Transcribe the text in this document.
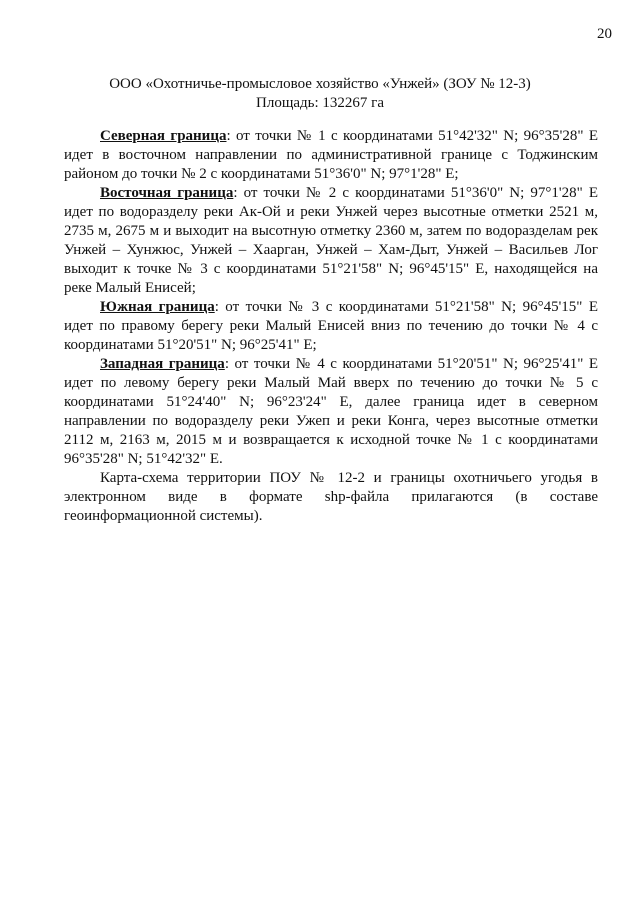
20
ООО «Охотничье-промысловое хозяйство «Унжей» (ЗОУ № 12-3)
Площадь: 132267 га

Северная граница: от точки № 1 с координатами 51°42'32" N; 96°35'28" E идет в восточном направлении по административной границе с Тоджинским районом до точки № 2 с координатами 51°36'0" N; 97°1'28" E;

Восточная граница: от точки № 2 с координатами 51°36'0" N; 97°1'28" E идет по водоразделу реки Ак-Ой и реки Унжей через высотные отметки 2521 м, 2735 м, 2675 м и выходит на высотную отметку 2360 м, затем по водоразделам рек Унжей – Хунжюс, Унжей – Хаарган, Унжей – Хам-Дыт, Унжей – Васильев Лог выходит к точке № 3 с координатами 51°21'58" N; 96°45'15" E, находящейся на реке Малый Енисей;

Южная граница: от точки № 3 с координатами 51°21'58" N; 96°45'15" E идет по правому берегу реки Малый Енисей вниз по течению до точки № 4 с координатами 51°20'51" N; 96°25'41" E;

Западная граница: от точки № 4 с координатами 51°20'51" N; 96°25'41" E идет по левому берегу реки Малый Май вверх по течению до точки № 5 с координатами 51°24'40" N; 96°23'24" E, далее граница идет в северном направлении по водоразделу реки Ужеп и реки Конга, через высотные отметки 2112 м, 2163 м, 2015 м и возвращается к исходной точке № 1 с координатами 96°35'28" N; 51°42'32" E.

Карта-схема территории ПОУ № 12-2 и границы охотничьего угодья в электронном виде в формате shp-файла прилагаются (в составе геоинформационной системы).
